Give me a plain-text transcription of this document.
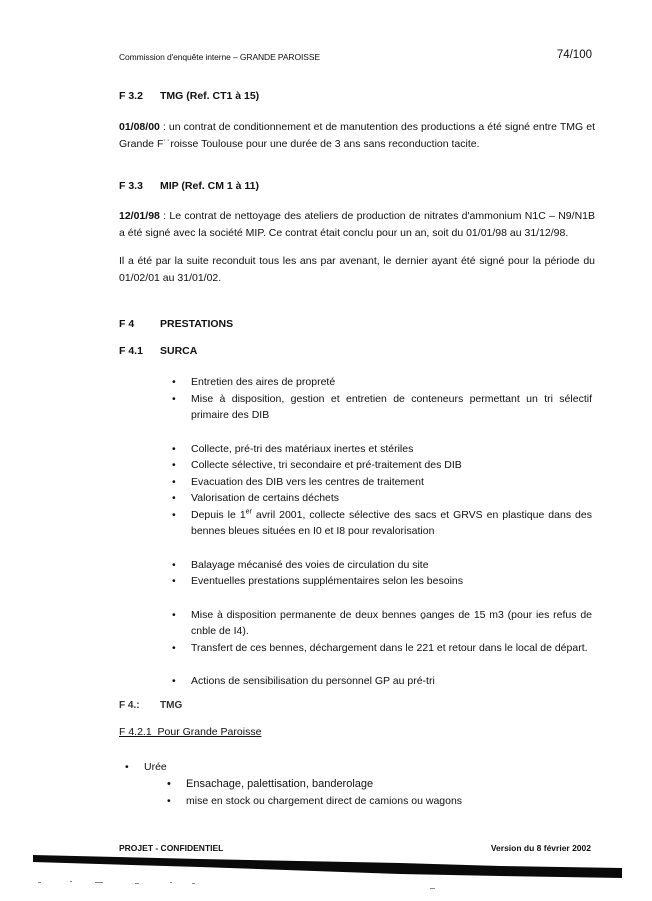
Commission d'enquête interne – GRANDE PAROISSE	74/100
F 3.2 TMG (Ref. CT1 à 15)
01/08/00 : un contrat de conditionnement et de manutention des productions a été signé entre TMG et Grande F˙˙roisse Toulouse pour une durée de 3 ans sans reconduction tacite.
F 3.3 MIP (Ref. CM 1 à 11)
12/01/98 : Le contrat de nettoyage des ateliers de production de nitrates d'ammonium N1C – N9/N1B a été signé avec la société MIP. Ce contrat était conclu pour un an, soit du 01/01/98 au 31/12/98.
Il a été par la suite reconduit tous les ans par avenant, le dernier ayant été signé pour la période du 01/02/01 au 31/01/02.
F 4 PRESTATIONS
F 4.1 SURCA
• Entretien des aires de propreté
• Mise à disposition, gestion et entretien de conteneurs permettant un tri sélectif primaire des DIB
• Collecte, pré-tri des matériaux inertes et stériles
• Collecte sélective, tri secondaire et pré-traitement des DIB
• Evacuation des DIB vers les centres de traitement
• Valorisation de certains déchets
• Depuis le 1er avril 2001, collecte sélective des sacs et GRVS en plastique dans des bennes bleues situées en I0 et I8 pour revalorisation
• Balayage mécanisé des voies de circulation du site
• Eventuelles prestations supplémentaires selon les besoins
• Mise à disposition permanente de deux bennes o̱anges de 15 m3 (pour ies refus de cnble de I4).
• Transfert de ces bennes, déchargement dans le 221 et retour dans le local de départ.
• Actions de sensibilisation du personnel GP au pré-tri
F 4.: TMG
F 4.2.1  Pour Grande Paroisse
• Urée
• Ensachage, palettisation, banderolage
• mise en stock ou chargement direct de camions ou wagons
PROJET - CONFIDENTIEL	Version du 8 février 2002
